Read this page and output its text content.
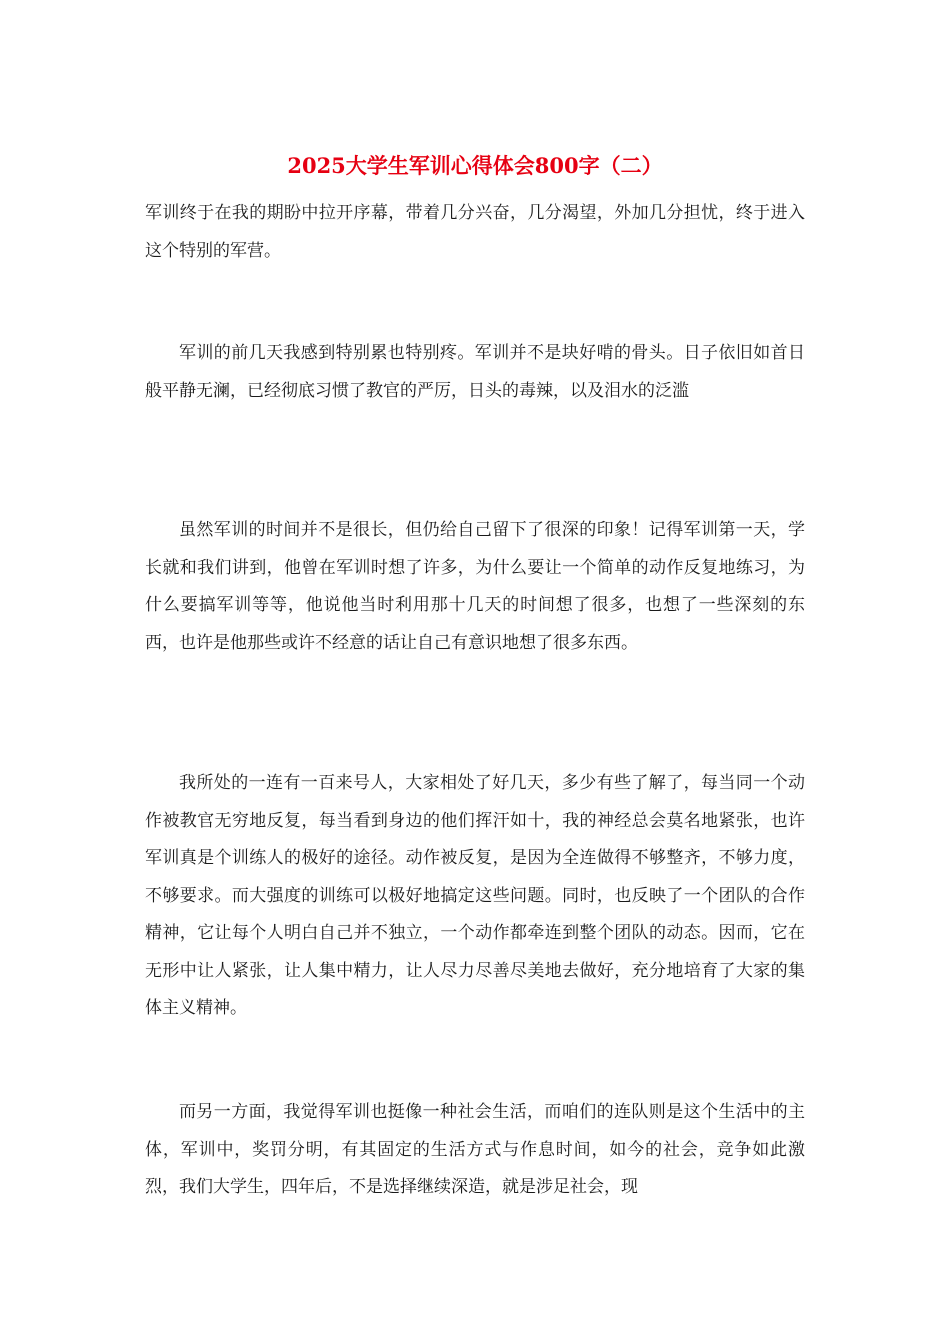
2025大学生军训心得体会800字（二）

军训终于在我的期盼中拉开序幕，带着几分兴奋，几分渴望，外加几分担忧，终于进入这个特别的军营。

军训的前几天我感到特别累也特别疼。军训并不是块好啃的骨头。日子依旧如首日般平静无澜，已经彻底习惯了教官的严厉，日头的毒辣，以及泪水的泛滥

虽然军训的时间并不是很长，但仍给自己留下了很深的印象！记得军训第一天，学长就和我们讲到，他曾在军训时想了许多，为什么要让一个简单的动作反复地练习，为什么要搞军训等等，他说他当时利用那十几天的时间想了很多，也想了一些深刻的东西，也许是他那些或许不经意的话让自己有意识地想了很多东西。

我所处的一连有一百来号人，大家相处了好几天，多少有些了解了，每当同一个动作被教官无穷地反复，每当看到身边的他们挥汗如十，我的神经总会莫名地紧张，也许军训真是个训练人的极好的途径。动作被反复，是因为全连做得不够整齐，不够力度，不够要求。而大强度的训练可以极好地搞定这些问题。同时，也反映了一个团队的合作精神，它让每个人明白自己并不独立，一个动作都牵连到整个团队的动态。因而，它在无形中让人紧张，让人集中精力，让人尽力尽善尽美地去做好，充分地培育了大家的集体主义精神。

而另一方面，我觉得军训也挺像一种社会生活，而咱们的连队则是这个生活中的主体，军训中，奖罚分明，有其固定的生活方式与作息时间，如今的社会，竞争如此激烈，我们大学生，四年后，不是选择继续深造，就是涉足社会，现
